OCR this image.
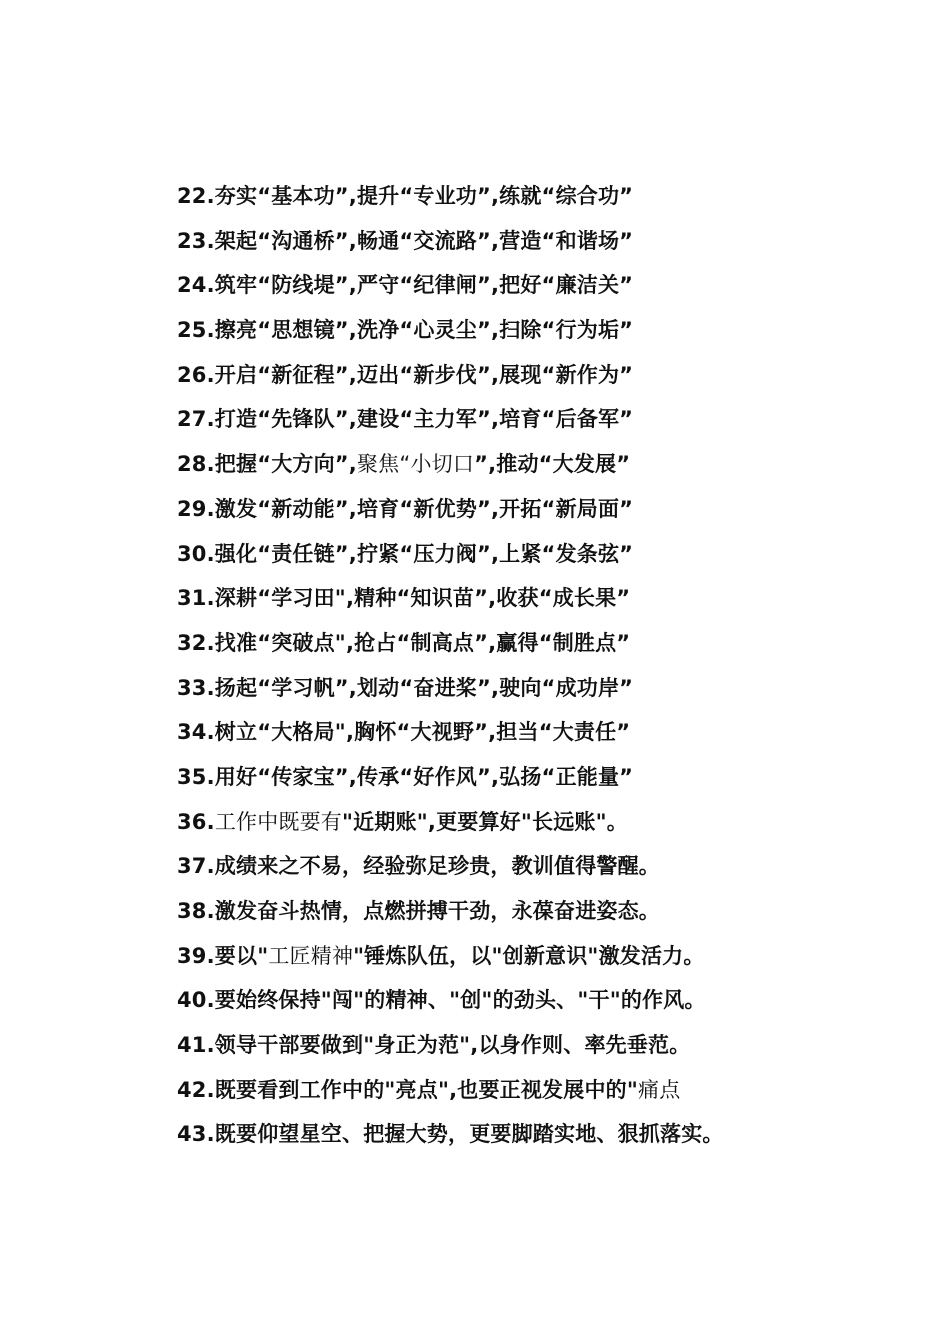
22.夯实“基本功”,提升“专业功”,练就“综合功”
23.架起“沟通桥”,畅通“交流路”,营造“和谐场”
24.筑牢“防线堤”,严守“纪律闸”,把好“廉洁关”
25.擦亮“思想镜”,洗净“心灵尘”,扫除“行为垢”
26.开启“新征程”,迈出“新步伐”,展现“新作为”
27.打造“先锋队”,建设“主力军”,培育“后备军”
28.把握“大方向”,聚焦“小切口”,推动“大发展”
29.激发“新动能”,培育“新优势”,开拓“新局面”
30.强化“责任链”,拧紧“压力阀”,上紧“发条弦”
31.深耕“学习田",精种“知识苗”,收获“成长果”
32.找准“突破点",抢占“制高点”,赢得“制胜点”
33.扬起“学习帆”,划动“奋进桨”,驶向“成功岸”
34.树立“大格局",胸怀“大视野”,担当“大责任”
35.用好“传家宝”,传承“好作风”,弘扬“正能量”
36.工作中既要有"近期账",更要算好"长远账"。
37.成绩来之不易，经验弥足珍贵，教训值得警醒。
38.激发奋斗热情，点燃拼搏干劲，永葆奋进姿态。
39.要以"工匠精神"锤炼队伍，以"创新意识"激发活力。
40.要始终保持"闯"的精神、"创"的劲头、"干"的作风。
41.领导干部要做到"身正为范",以身作则、率先垂范。
42.既要看到工作中的"亮点",也要正视发展中的"痛点
43.既要仰望星空、把握大势，更要脚踏实地、狠抓落实。
